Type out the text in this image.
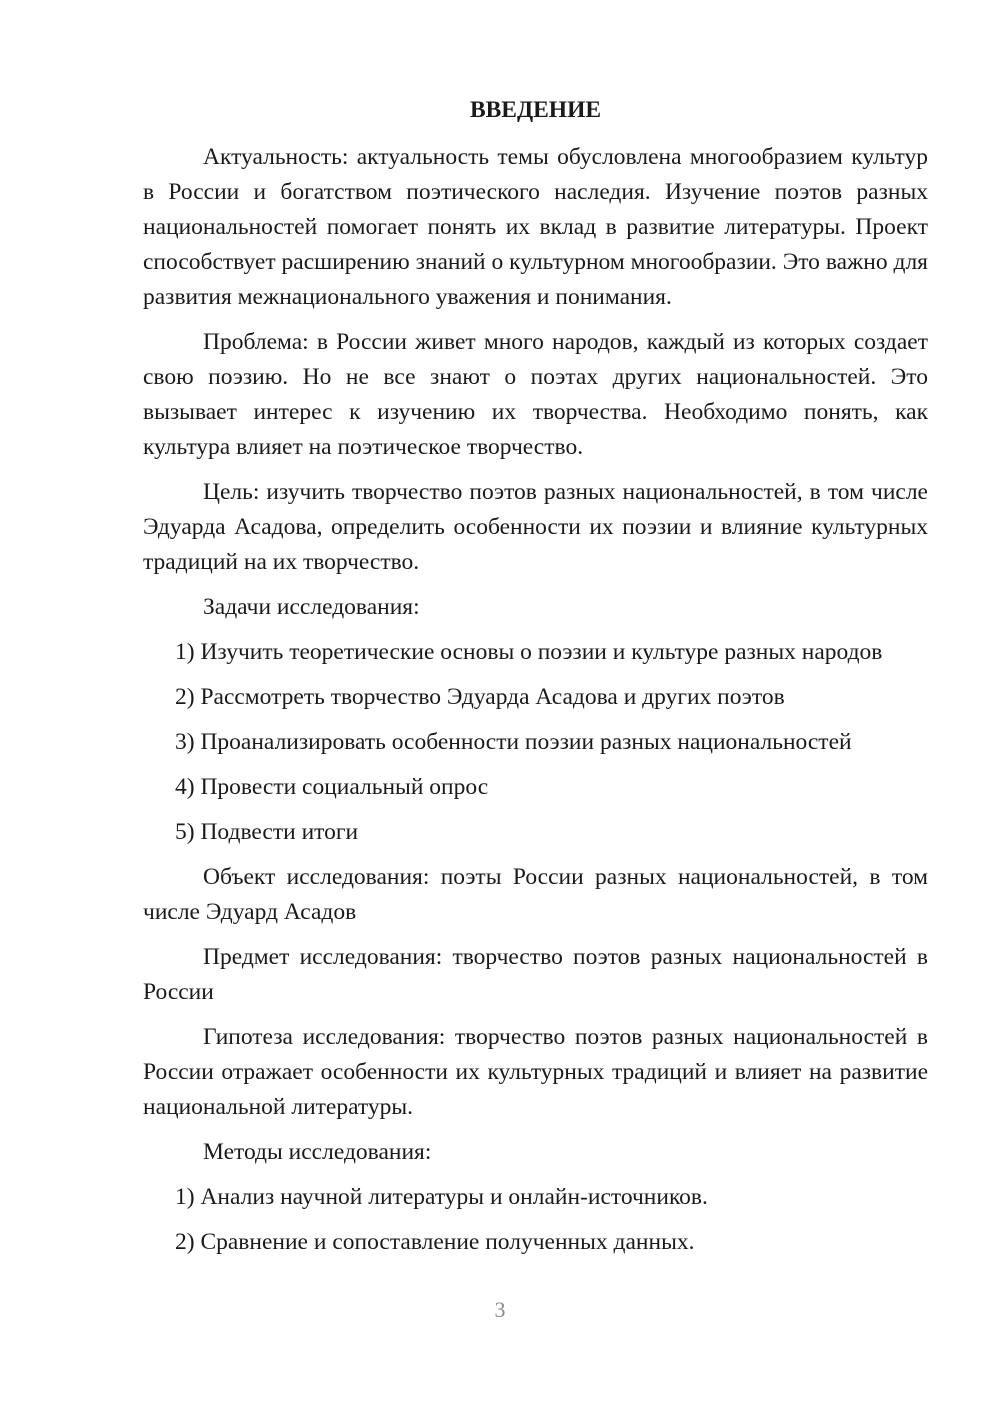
ВВЕДЕНИЕ

Актуальность: актуальность темы обусловлена многообразием культур в России и богатством поэтического наследия. Изучение поэтов разных национальностей помогает понять их вклад в развитие литературы. Проект способствует расширению знаний о культурном многообразии. Это важно для развития межнационального уважения и понимания.

Проблема: в России живет много народов, каждый из которых создает свою поэзию. Но не все знают о поэтах других национальностей. Это вызывает интерес к изучению их творчества. Необходимо понять, как культура влияет на поэтическое творчество.

Цель: изучить творчество поэтов разных национальностей, в том числе Эдуарда Асадова, определить особенности их поэзии и влияние культурных традиций на их творчество.

Задачи исследования:

1) Изучить теоретические основы о поэзии и культуре разных народов
2) Рассмотреть творчество Эдуарда Асадова и других поэтов
3) Проанализировать особенности поэзии разных национальностей
4) Провести социальный опрос
5) Подвести итоги

Объект исследования: поэты России разных национальностей, в том числе Эдуард Асадов

Предмет исследования: творчество поэтов разных национальностей в России

Гипотеза исследования: творчество поэтов разных национальностей в России отражает особенности их культурных традиций и влияет на развитие национальной литературы.

Методы исследования:

1) Анализ научной литературы и онлайн-источников.
2) Сравнение и сопоставление полученных данных.
3
